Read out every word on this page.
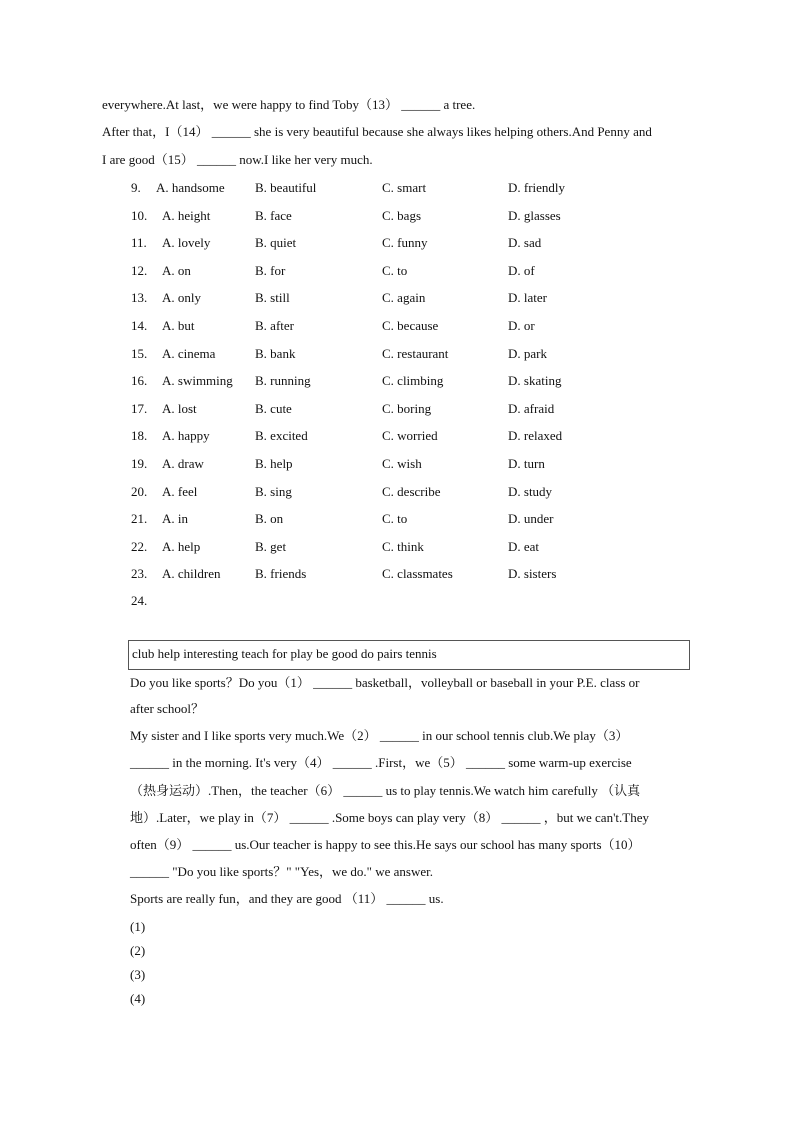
everywhere.At last，we were happy to find Toby（13） ______ a tree.
After that，I（14） ______ she is very beautiful because she always likes helping others.And Penny and
I are good（15） ______ now.I like her very much.
9. A. handsome B. beautiful	C. smart	D. friendly
10. A. height	B. face	C. bags	D. glasses
11. A. lovely	B. quiet	C. funny	D. sad
12. A. on	B. for	C. to	D. of
13. A. only	B. still	C. again	D. later
14. A. but	B. after	C. because	D. or
15. A. cinema	B. bank	C. restaurant	D. park
16. A. swimming B. running	C. climbing	D. skating
17. A. lost	B. cute	C. boring	D. afraid
18. A. happy	B. excited	C. worried	D. relaxed
19. A. draw	B. help	C. wish	D. turn
20. A. feel	B. sing	C. describe	D. study
21. A. in	B. on	C. to	D. under
22. A. help	B. get	C. think	D. eat
23. A. children	B. friends	C. classmates	D. sisters
24.
club help interesting teach for play be good do pairs tennis
Do you like sports？Do you（1） ______ basketball，volleyball or baseball in your P.E. class or
after school？
My sister and I like sports very much.We（2） ______ in our school tennis club.We play（3）
______ in the morning. It's very（4） ______ .First，we（5） ______ some warm-up exercise
（热身运动）.Then，the teacher（6） ______ us to play tennis.We watch him carefully （认真
地）.Later，we play in（7） ______ .Some boys can play very（8） ______ ，but we can't.They
often（9） ______ us.Our teacher is happy to see this.He says our school has many sports（10）
______ "Do you like sports？" "Yes，we do." we answer.
Sports are really fun，and they are good （11） ______ us.
(1)
(2)
(3)
(4)
